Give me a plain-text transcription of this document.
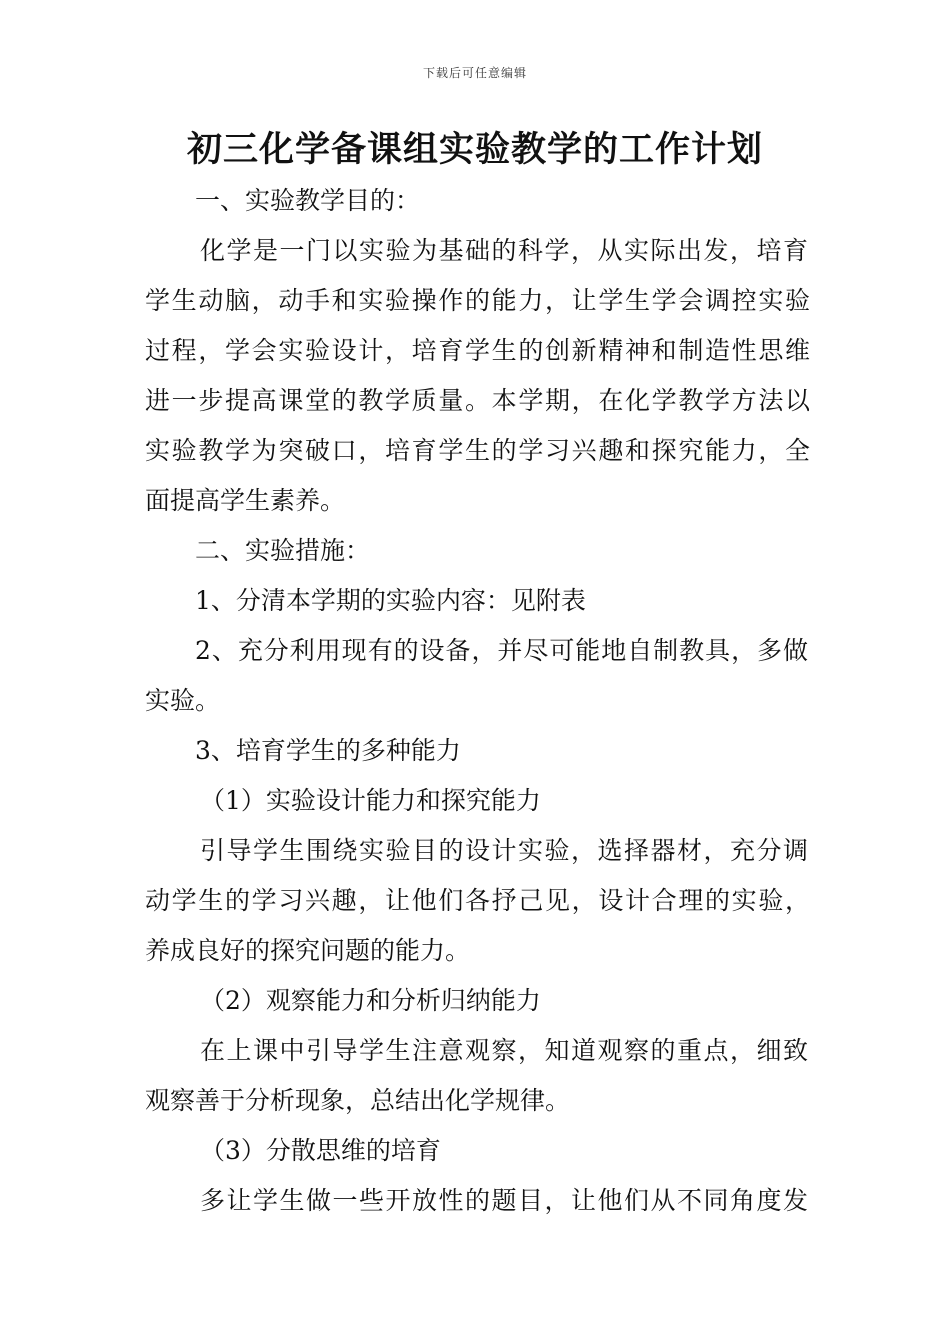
下载后可任意编辑
初三化学备课组实验教学的工作计划
一、实验教学目的：
化学是一门以实验为基础的科学，从实际出发，培育
学生动脑，动手和实验操作的能力，让学生学会调控实验
过程，学会实验设计，培育学生的创新精神和制造性思维
进一步提高课堂的教学质量。本学期，在化学教学方法以
实验教学为突破口，培育学生的学习兴趣和探究能力，全
面提高学生素养。
二、实验措施：
1、分清本学期的实验内容：见附表
2、充分利用现有的设备，并尽可能地自制教具，多做
实验。
3、培育学生的多种能力
（1）实验设计能力和探究能力
引导学生围绕实验目的设计实验，选择器材，充分调
动学生的学习兴趣，让他们各抒己见，设计合理的实验，
养成良好的探究问题的能力。
（2）观察能力和分析归纳能力
在上课中引导学生注意观察，知道观察的重点，细致
观察善于分析现象，总结出化学规律。
（3）分散思维的培育
多让学生做一些开放性的题目，让他们从不同角度发
